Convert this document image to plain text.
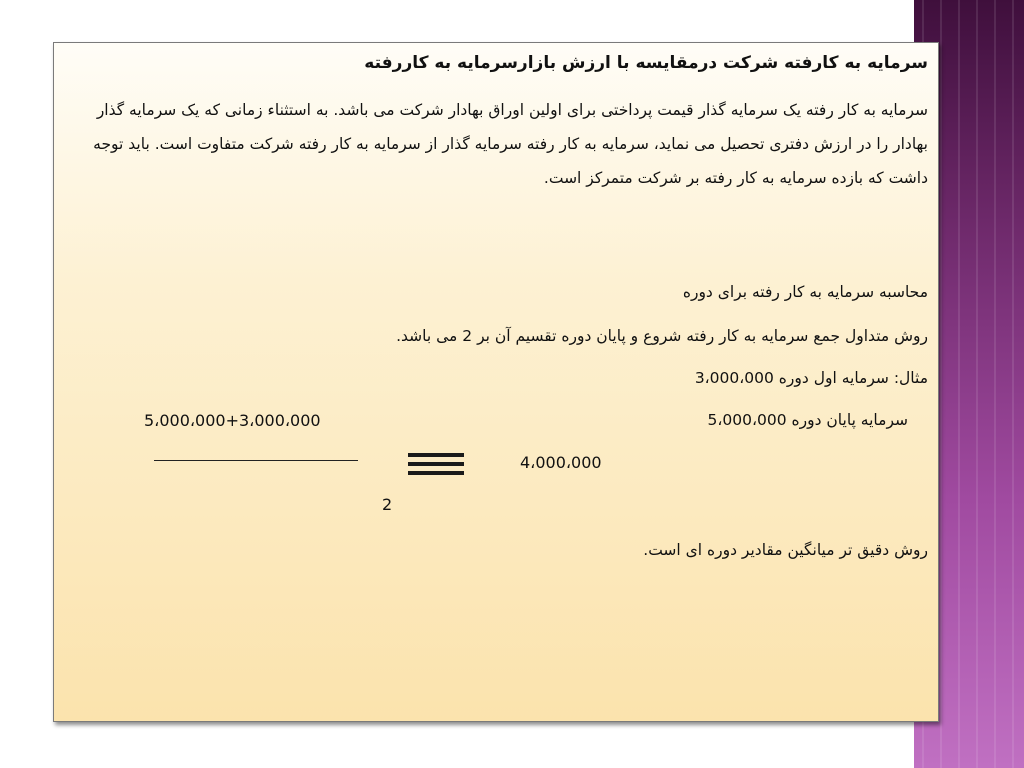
سرمایه به کارفته شرکت درمقایسه با ارزش بازارسرمایه به کاررفته
سرمایه به کار رفته یک سرمایه گذار قیمت پرداختی برای اولین اوراق بهادار شرکت می باشد. به استثناء زمانی که یک سرمایه گذار بهادار را در ارزش دفتری تحصیل می نماید، سرمایه به کار رفته سرمایه گذار از سرمایه به کار رفته شرکت متفاوت است. باید توجه داشت که بازده سرمایه به کار رفته بر شرکت متمرکز است.
محاسبه سرمایه به کار رفته برای دوره
روش متداول جمع سرمایه به کار رفته شروع و پایان دوره تقسیم آن بر 2 می باشد.
مثال: سرمایه اول دوره 3،000،000
سرمایه پایان دوره 5،000،000
5،000،000+3،000،000
2
4،000،000
روش دقیق تر میانگین مقادیر دوره ای است.
